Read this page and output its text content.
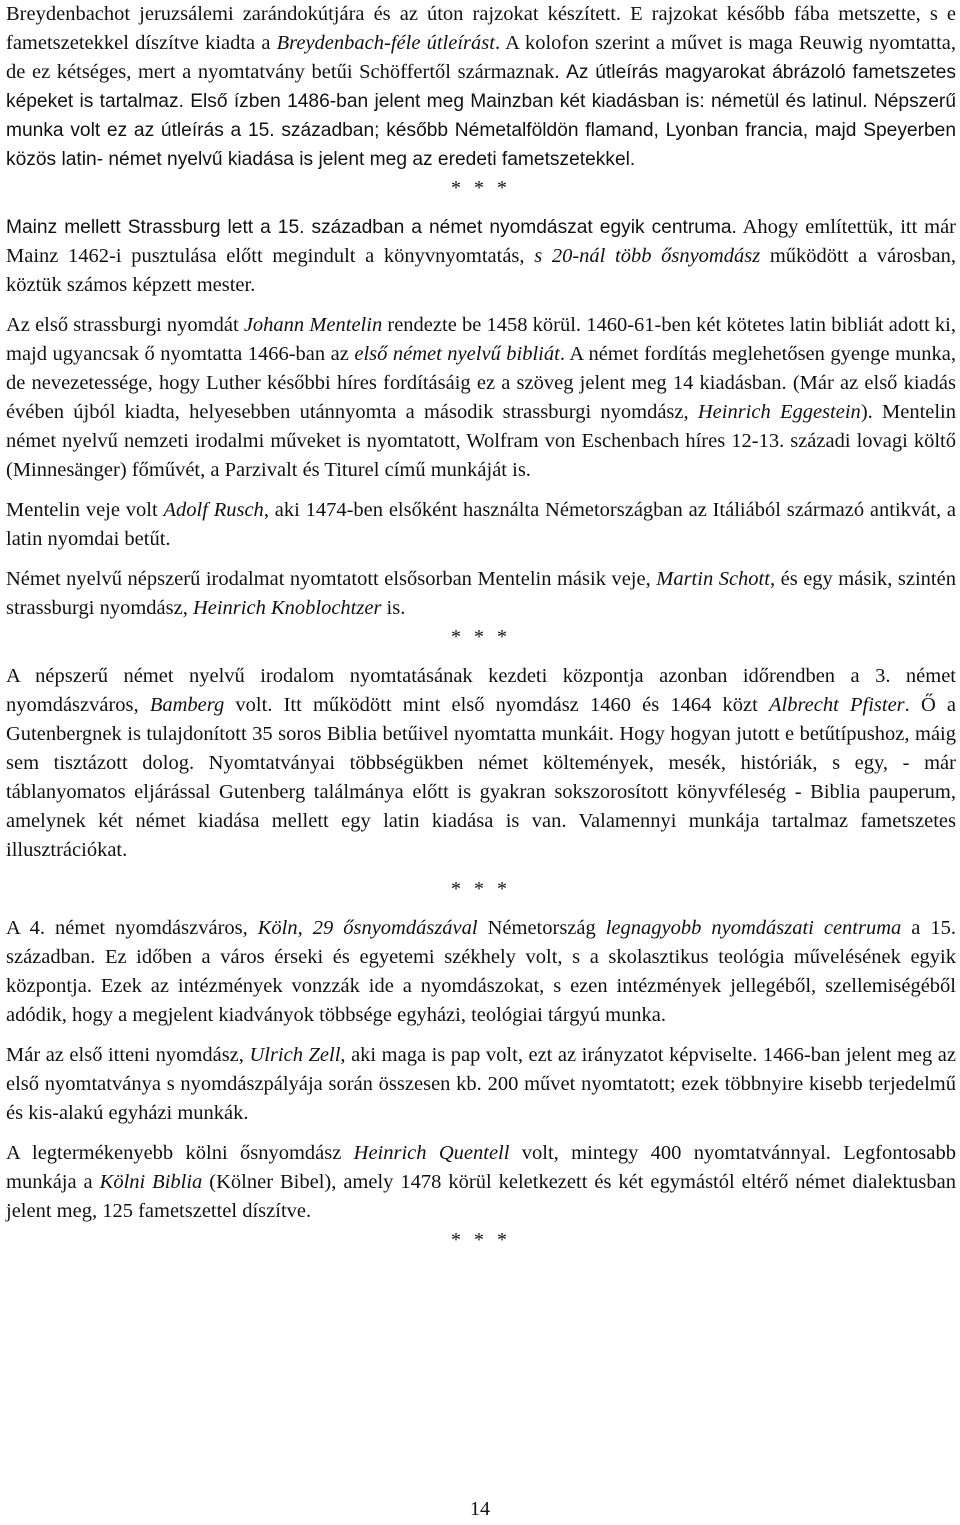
Breydenbachot jeruzsálemi zarándokútjára és az úton rajzokat készített. E rajzokat később fába metszette, s e fametszetekkel díszítve kiadta a Breydenbach-féle útleírást. A kolofon szerint a művet is maga Reuwig nyomtatta, de ez kétséges, mert a nyomtatvány betűi Schöffertől származnak. Az útleírás magyarokat ábrázoló fametszetes képeket is tartalmaz. Első ízben 1486-ban jelent meg Mainzban két kiadásban is: németül és latinul. Népszerű munka volt ez az útleírás a 15. században; később Németalföldön flamand, Lyonban francia, majd Speyerben közös latin- német nyelvű kiadása is jelent meg az eredeti fametszetekkel.

* * *

Mainz mellett Strassburg lett a 15. században a német nyomdászat egyik centruma. Ahogy említettük, itt már Mainz 1462-i pusztulása előtt megindult a könyvnyomtatás, s 20-nál több ősnyomdász működött a városban, köztük számos képzett mester.

Az első strassburgi nyomdát Johann Mentelin rendezte be 1458 körül. 1460-61-ben két kötetes latin bibliát adott ki, majd ugyancsak ő nyomtatta 1466-ban az első német nyelvű bibliát. A német fordítás meglehetősen gyenge munka, de nevezetessége, hogy Luther későbbi híres fordításáig ez a szöveg jelent meg 14 kiadásban. (Már az első kiadás évében újból kiadta, helyesebben utánnyomta a második strassburgi nyomdász, Heinrich Eggestein). Mentelin német nyelvű nemzeti irodalmi műveket is nyomtatott, Wolfram von Eschenbach híres 12-13. századi lovagi költő (Minnesänger) főművét, a Parzivalt és Titurel című munkáját is.

Mentelin veje volt Adolf Rusch, aki 1474-ben elsőként használta Németországban az Itáliából származó antikvát, a latin nyomdai betűt.

Német nyelvű népszerű irodalmat nyomtatott elsősorban Mentelin másik veje, Martin Schott, és egy másik, szintén strassburgi nyomdász, Heinrich Knoblochtzer is.

* * *

A népszerű német nyelvű irodalom nyomtatásának kezdeti központja azonban időrendben a 3. német nyomdászváros, Bamberg volt. Itt működött mint első nyomdász 1460 és 1464 közt Albrecht Pfister. Ő a Gutenbergnek is tulajdonított 35 soros Biblia betűivel nyomtatta munkáit. Hogy hogyan jutott e betűtípushoz, máig sem tisztázott dolog. Nyomtatványai többségükben német költemények, mesék, históriák, s egy, - már táblanyomatos eljárással Gutenberg találmánya előtt is gyakran sokszorosított könyvféleség - Biblia pauperum, amelynek két német kiadása mellett egy latin kiadása is van. Valamennyi munkája tartalmaz fametszetes illusztrációkat.

* * *

A 4. német nyomdászváros, Köln, 29 ősnyomdászával Németország legnagyobb nyomdászati centruma a 15. században. Ez időben a város érseki és egyetemi székhely volt, s a skolasztikus teológia művelésének egyik központja. Ezek az intézmények vonzzák ide a nyomdászokat, s ezen intézmények jellegéből, szellemiségéből adódik, hogy a megjelent kiadványok többsége egyházi, teológiai tárgyú munka.

Már az első itteni nyomdász, Ulrich Zell, aki maga is pap volt, ezt az irányzatot képviselte. 1466-ban jelent meg az első nyomtatványa s nyomdászpályája során összesen kb. 200 művet nyomtatott; ezek többnyire kisebb terjedelmű és kis-alakú egyházi munkák.

A legtermékenyebb kölni ősnyomdász Heinrich Quentell volt, mintegy 400 nyomtatvánnyal. Legfontosabb munkája a Kölni Biblia (Kölner Bibel), amely 1478 körül keletkezett és két egymástól eltérő német dialektusban jelent meg, 125 fametszettel díszítve.

* * *
14
